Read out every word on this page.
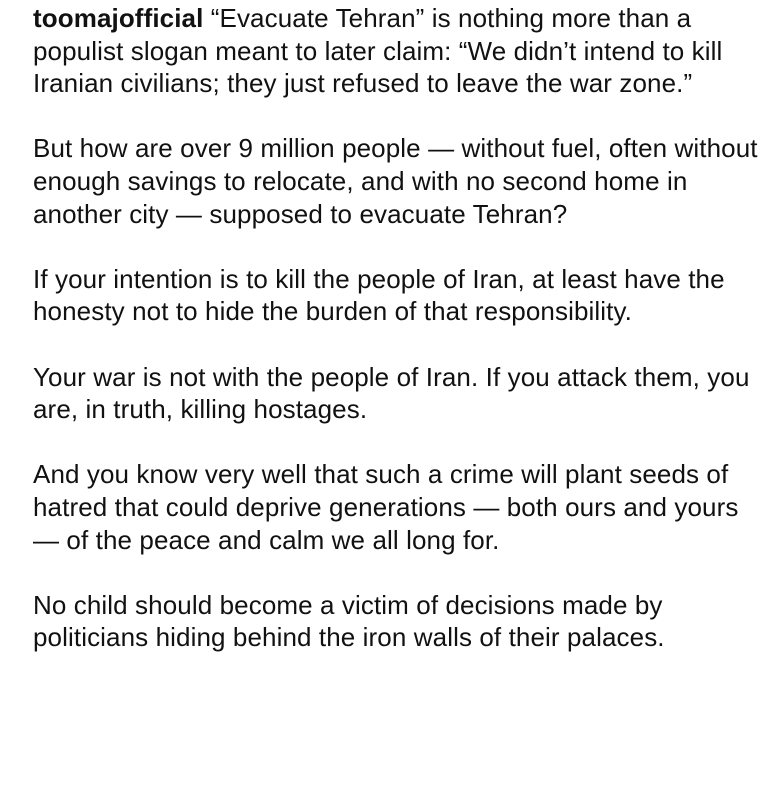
toomajofficial “Evacuate Tehran” is nothing more than a populist slogan meant to later claim: “We didn’t intend to kill Iranian civilians; they just refused to leave the war zone.”

But how are over 9 million people — without fuel, often without enough savings to relocate, and with no second home in another city — supposed to evacuate Tehran?

If your intention is to kill the people of Iran, at least have the honesty not to hide the burden of that responsibility.

Your war is not with the people of Iran. If you attack them, you are, in truth, killing hostages.

And you know very well that such a crime will plant seeds of hatred that could deprive generations — both ours and yours — of the peace and calm we all long for.

No child should become a victim of decisions made by politicians hiding behind the iron walls of their palaces.
